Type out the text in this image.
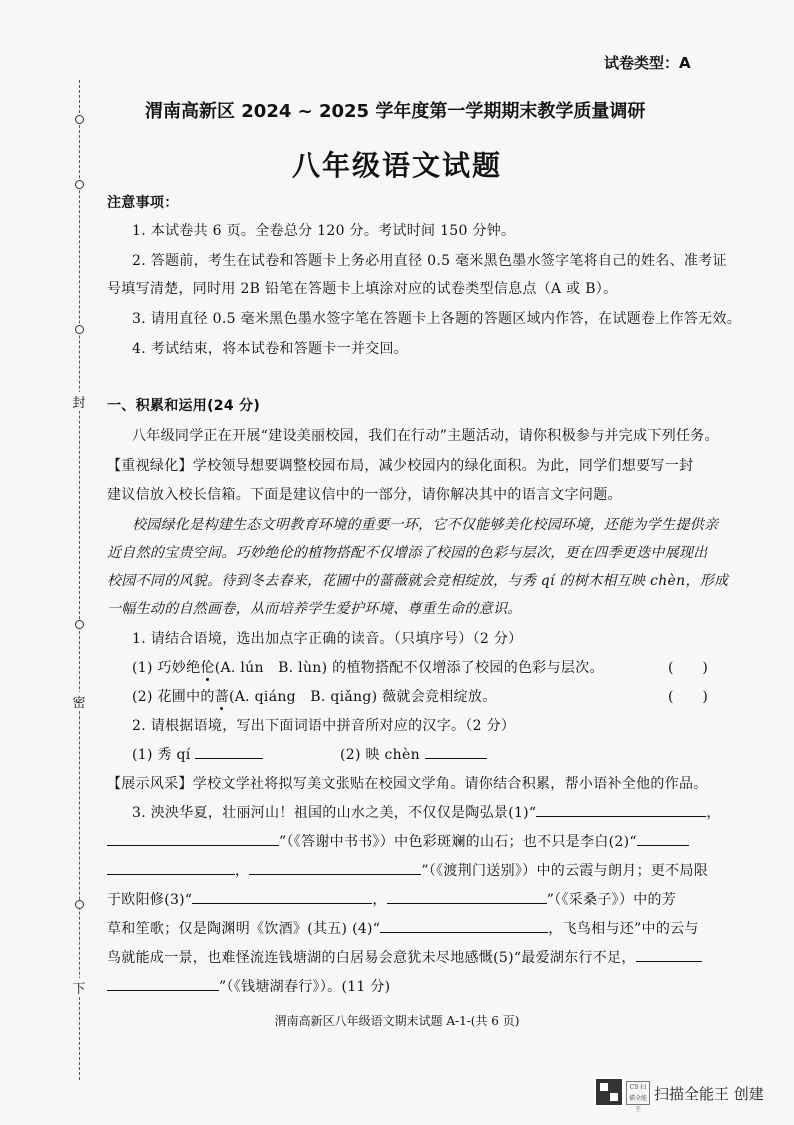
封
密
下
试卷类型：A
渭南高新区 2024 ~ 2025 学年度第一学期期末教学质量调研
八年级语文试题
注意事项：
1. 本试卷共 6 页。全卷总分 120 分。考试时间 150 分钟。
2. 答题前，考生在试卷和答题卡上务必用直径 0.5 毫米黑色墨水签字笔将自己的姓名、准考证
号填写清楚，同时用 2B 铅笔在答题卡上填涂对应的试卷类型信息点（A 或 B）。
3. 请用直径 0.5 毫米黑色墨水签字笔在答题卡上各题的答题区域内作答，在试题卷上作答无效。
4. 考试结束，将本试卷和答题卡一并交回。
一、积累和运用(24 分)
八年级同学正在开展“建设美丽校园，我们在行动”主题活动，请你积极参与并完成下列任务。
【重视绿化】学校领导想要调整校园布局，减少校园内的绿化面积。为此，同学们想要写一封
建议信放入校长信箱。下面是建议信中的一部分，请你解决其中的语言文字问题。
校园绿化是构建生态文明教育环境的重要一环，它不仅能够美化校园环境，还能为学生提供亲
近自然的宝贵空间。巧妙绝伦的植物搭配不仅增添了校园的色彩与层次，更在四季更迭中展现出
校园不同的风貌。待到冬去春来，花圃中的蔷薇就会竞相绽放，与秀 qí 的树木相互映 chèn，形成
一幅生动的自然画卷，从而培养学生爱护环境、尊重生命的意识。
1. 请结合语境，选出加点字正确的读音。（只填序号）（2 分）
(1) 巧妙绝伦(A. lún　B. lùn) 的植物搭配不仅增添了校园的色彩与层次。	(　　)
(2) 花圃中的蔷(A. qiáng　B. qiǎng) 薇就会竞相绽放。	(　　)
2. 请根据语境，写出下面词语中拼音所对应的汉字。（2 分）
(1) 秀 qí	(2) 映 chèn
【展示风采】学校文学社将拟写美文张贴在校园文学角。请你结合积累，帮小语补全他的作品。
3. 泱泱华夏，壮丽河山！祖国的山水之美，不仅仅是陶弘景(1)“	，
”（《答谢中书书》）中色彩斑斓的山石；也不只是李白(2)“
，	”（《渡荆门送别》）中的云霞与朗月；更不局限
于欧阳修(3)“	，	”（《采桑子》）中的芳
草和笙歌；仅是陶渊明《饮酒》(其五) (4)“	，飞鸟相与还”中的云与
鸟就能成一景，也难怪流连钱塘湖的白居易会意犹未尽地感慨(5)“最爱湖东行不足，
”（《钱塘湖春行》）。(11 分)
渭南高新区八年级语文期末试题 A-1-(共 6 页)
CS 扫描全能王
扫描全能王 创建
